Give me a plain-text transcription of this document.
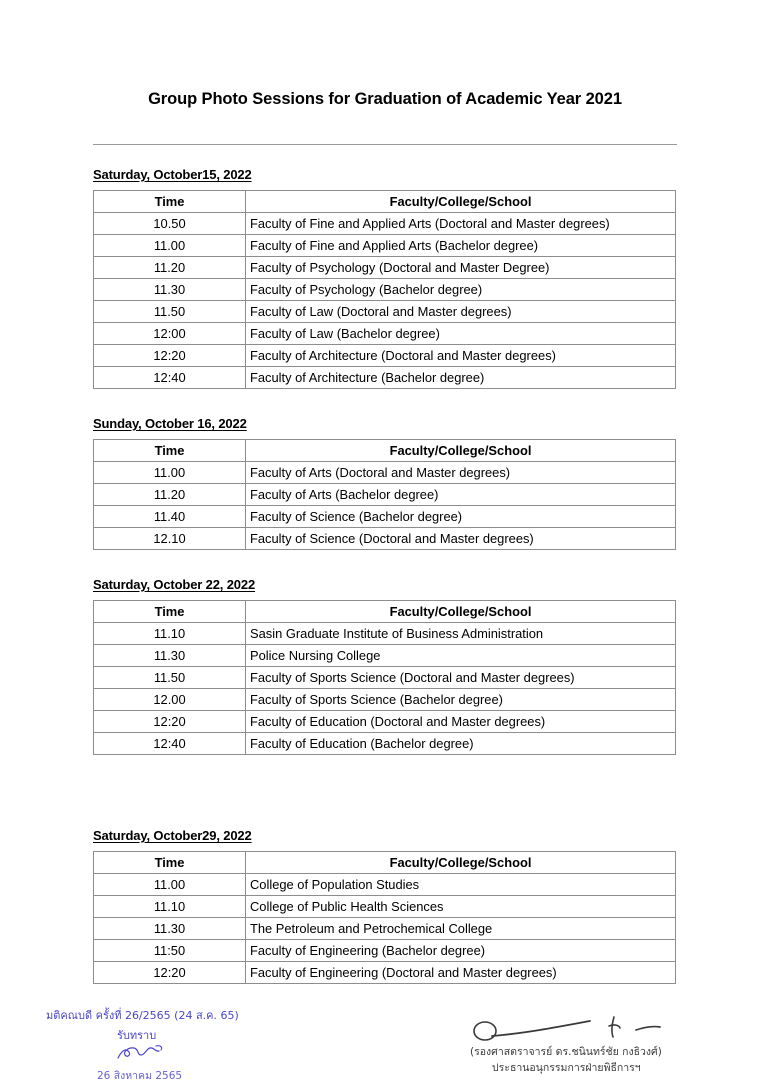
Group Photo Sessions for Graduation of Academic Year 2021
Saturday, October15, 2022
Time	Faculty/College/School
10.50	Faculty of Fine and Applied Arts (Doctoral and Master degrees)
11.00	Faculty of Fine and Applied Arts (Bachelor degree)
11.20	Faculty of Psychology (Doctoral and Master Degree)
11.30	Faculty of Psychology (Bachelor degree)
11.50	Faculty of Law (Doctoral and Master degrees)
12:00	Faculty of Law (Bachelor degree)
12:20	Faculty of Architecture (Doctoral and Master degrees)
12:40	Faculty of Architecture (Bachelor degree)
Sunday, October 16, 2022
Time	Faculty/College/School
11.00	Faculty of Arts (Doctoral and Master degrees)
11.20	Faculty of Arts (Bachelor degree)
11.40	Faculty of Science (Bachelor degree)
12.10	Faculty of Science (Doctoral and Master degrees)
Saturday, October 22, 2022
Time	Faculty/College/School
11.10	Sasin Graduate Institute of Business Administration
11.30	Police Nursing College
11.50	Faculty of Sports Science (Doctoral and Master degrees)
12.00	Faculty of Sports Science (Bachelor degree)
12:20	Faculty of Education (Doctoral and Master degrees)
12:40	Faculty of Education (Bachelor degree)
Saturday, October29, 2022
Time	Faculty/College/School
11.00	College of Population Studies
11.10	College of Public Health Sciences
11.30	The Petroleum and Petrochemical College
11:50	Faculty of Engineering (Bachelor degree)
12:20	Faculty of Engineering (Doctoral and Master degrees)
มติคณบดี ครั้งที่ 26/2565 (24 ส.ค. 65)
รับทราบ
26 สิงหาคม 2565
(รองศาสตราจารย์ ดร.ชนินทร์ชัย กงธิวงศ์)
ประธานอนุกรรมการฝ่ายพิธีการฯ
